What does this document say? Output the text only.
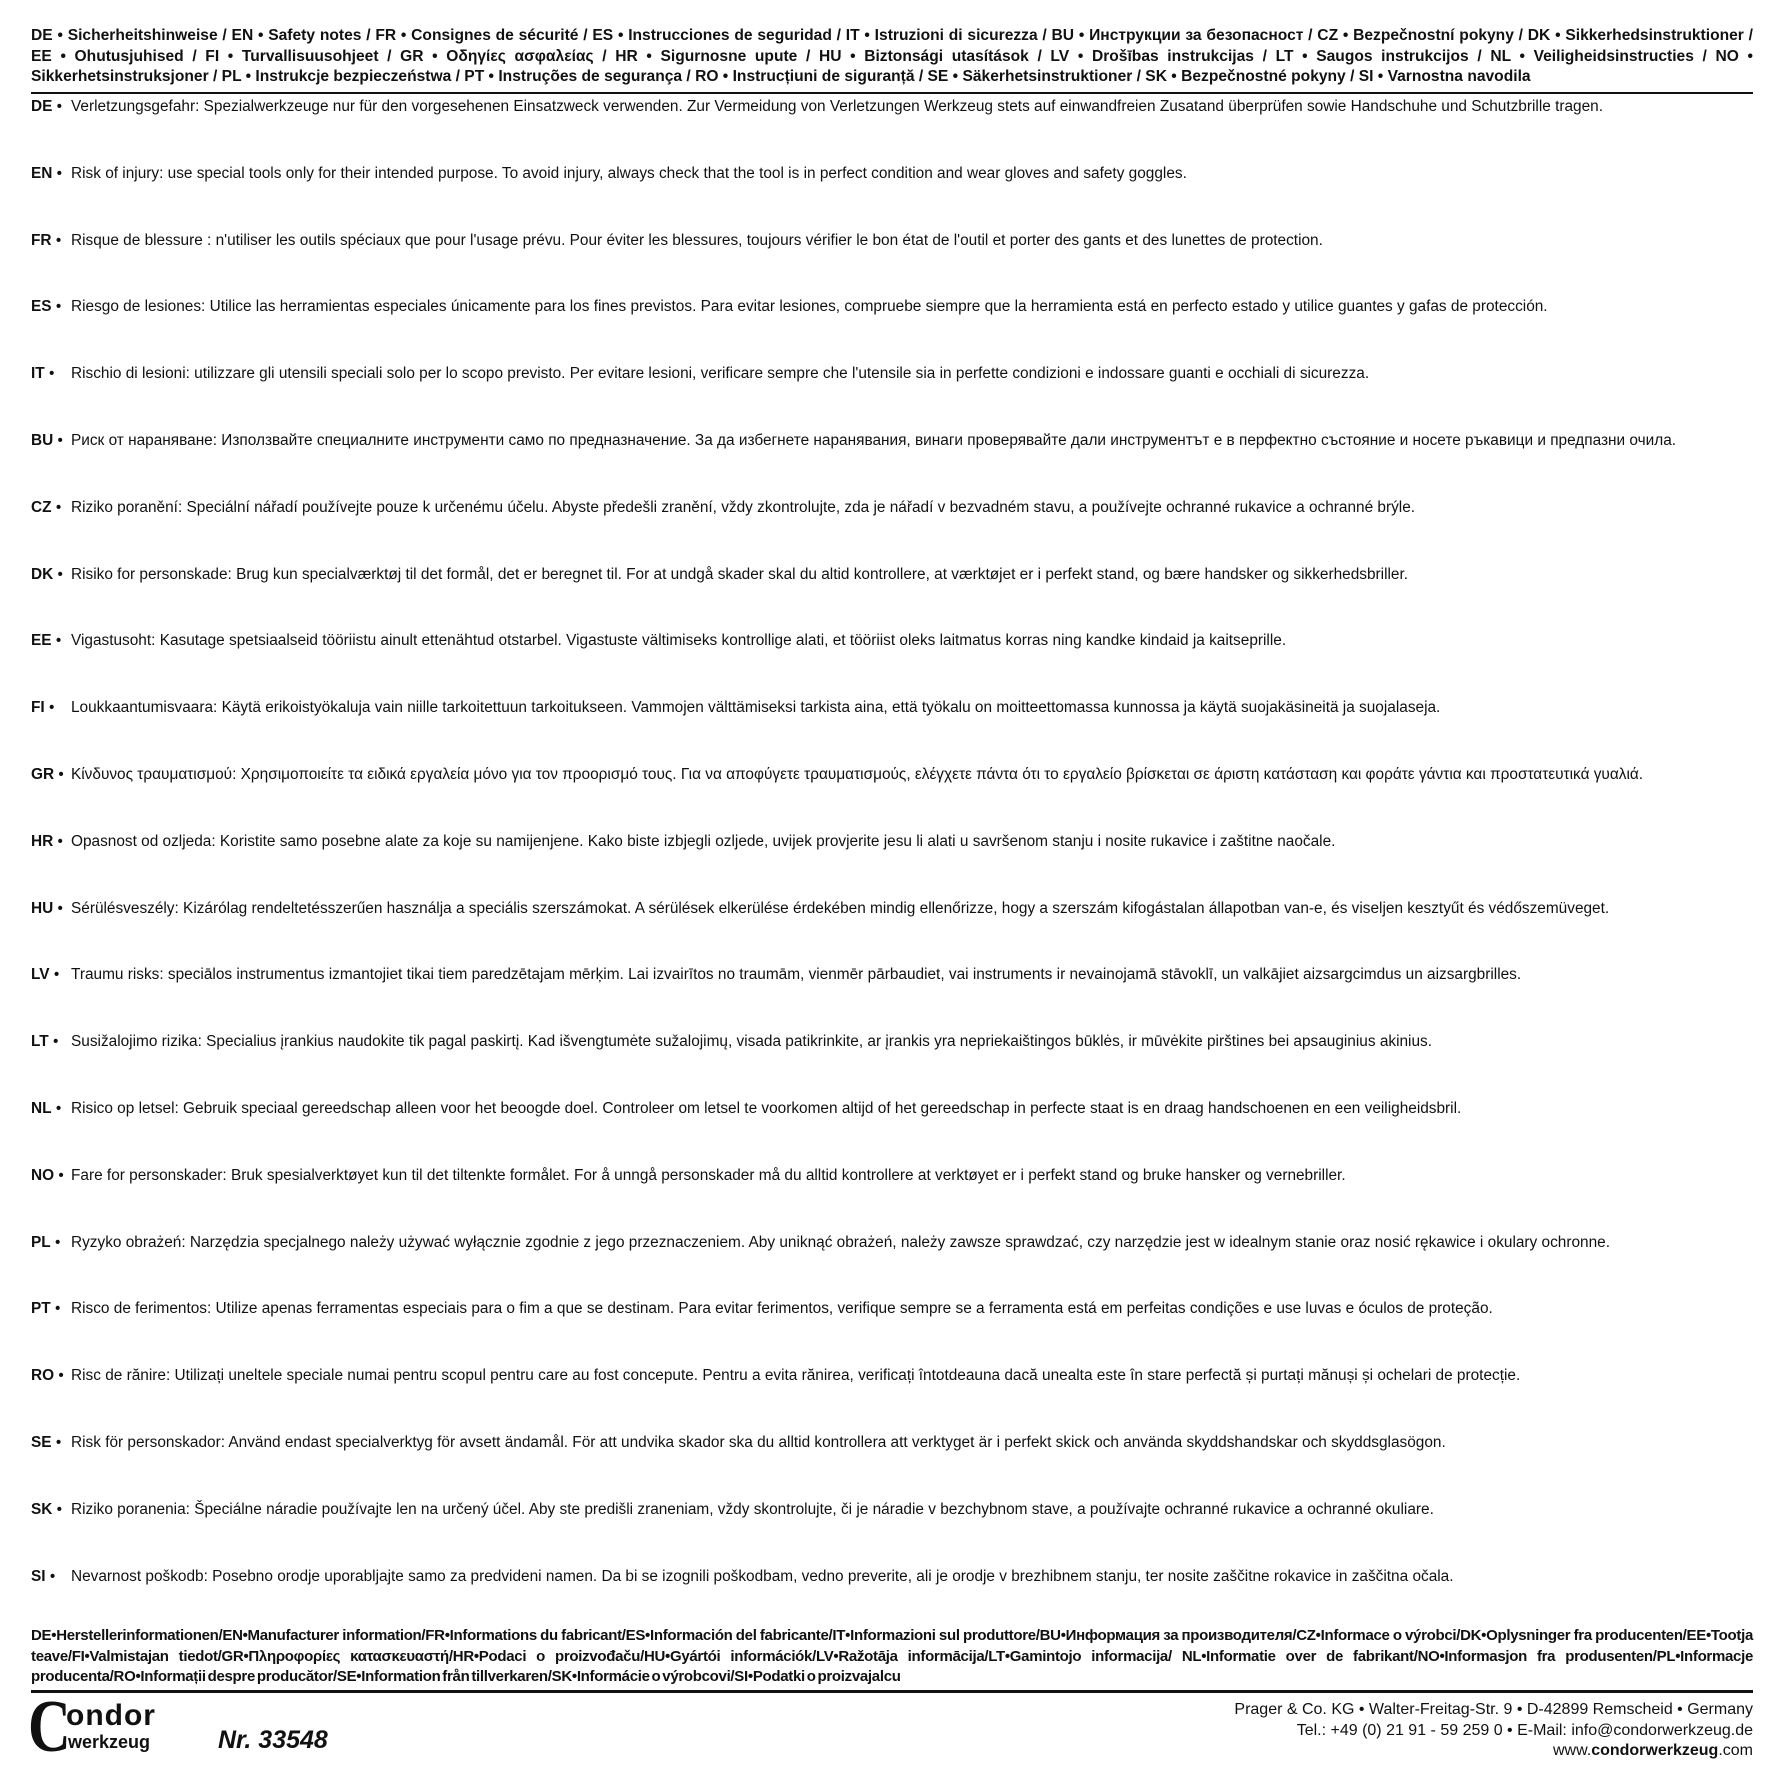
DE • Sicherheitshinweise / EN • Safety notes / FR • Consignes de sécurité / ES • Instrucciones de seguridad / IT • Istruzioni di sicurezza / BU • Инструкции за безопасност / CZ • Bezpečnostní pokyny / DK • Sikkerhedsinstruktioner / EE • Ohutusjuhised / FI • Turvallisuusohjeet / GR • Οδηγίες ασφαλείας / HR • Sigurnosne upute / HU • Biztonsági utasítások / LV • Drošības instrukcijas / LT • Saugos instrukcijos / NL • Veiligheidsinstructies / NO • Sikkerhetsinstruksjoner / PL • Instrukcje bezpieczeństwa / PT • Instruções de segurança / RO • Instrucțiuni de siguranță / SE • Säkerhetsinstruktioner / SK • Bezpečnostné pokyny / SI • Varnostna navodila
DE • Verletzungsgefahr: Spezialwerkzeuge nur für den vorgesehenen Einsatzweck verwenden. Zur Vermeidung von Verletzungen Werkzeug stets auf einwandfreien Zusatand überprüfen sowie Handschuhe und Schutzbrille tragen.
EN • Risk of injury: use special tools only for their intended purpose. To avoid injury, always check that the tool is in perfect condition and wear gloves and safety goggles.
FR • Risque de blessure : n'utiliser les outils spéciaux que pour l'usage prévu. Pour éviter les blessures, toujours vérifier le bon état de l'outil et porter des gants et des lunettes de protection.
ES • Riesgo de lesiones: Utilice las herramientas especiales únicamente para los fines previstos. Para evitar lesiones, compruebe siempre que la herramienta está en perfecto estado y utilice guantes y gafas de protección.
IT •	Rischio di lesioni: utilizzare gli utensili speciali solo per lo scopo previsto. Per evitare lesioni, verificare sempre che l'utensile sia in perfette condizioni e indossare guanti e occhiali di sicurezza.
BU • Риск от нараняване: Използвайте специалните инструменти само по предназначение. За да избегнете наранявания, винаги проверявайте дали инструментът е в перфектно състояние и носете ръкавици и предпазни очила.
CZ • Riziko poranění: Speciální nářadí používejte pouze k určenému účelu. Abyste předešli zranění, vždy zkontrolujte, zda je nářadí v bezvadném stavu, a používejte ochranné rukavice a ochranné brýle.
DK • Risiko for personskade: Brug kun specialværktøj til det formål, det er beregnet til. For at undgå skader skal du altid kontrollere, at værktøjet er i perfekt stand, og bære handsker og sikkerhedsbriller.
EE • Vigastusoht: Kasutage spetsiaalseid tööriistu ainult ettenähtud otstarbel. Vigastuste vältimiseks kontrollige alati, et tööriist oleks laitmatus korras ning kandke kindaid ja kaitseprille.
FI •	Loukkaantumisvaara: Käytä erikoistyökaluja vain niille tarkoitettuun tarkoitukseen. Vammojen välttämiseksi tarkista aina, että työkalu on moitteettomassa kunnossa ja käytä suojakäsineitä ja suojalaseja.
GR • Κίνδυνος τραυματισμού: Χρησιμοποιείτε τα ειδικά εργαλεία μόνο για τον προορισμό τους. Για να αποφύγετε τραυματισμούς, ελέγχετε πάντα ότι το εργαλείο βρίσκεται σε άριστη κατάσταση και φοράτε γάντια και προστατευτικά γυαλιά.
HR • Opasnost od ozljeda: Koristite samo posebne alate za koje su namijenjene. Kako biste izbjegli ozljede, uvijek provjerite jesu li alati u savršenom stanju i nosite rukavice i zaštitne naočale.
HU • Sérülésveszély: Kizárólag rendeltetésszerűen használja a speciális szerszámokat. A sérülések elkerülése érdekében mindig ellenőrizze, hogy a szerszám kifogástalan állapotban van-e, és viseljen kesztyűt és védőszemüveget.
LV • Traumu risks: speciālos instrumentus izmantojiet tikai tiem paredzētajam mērķim. Lai izvairītos no traumām, vienmēr pārbaudiet, vai instruments ir nevainojamā stāvoklī, un valkājiet aizsargcimdus un aizsargbrilles.
LT • Susižalojimo rizika: Specialius įrankius naudokite tik pagal paskirtį. Kad išvengtumėte sužalojimų, visada patikrinkite, ar įrankis yra nepriekaištingos būklės, ir mūvėkite pirštines bei apsauginius akinius.
NL • Risico op letsel: Gebruik speciaal gereedschap alleen voor het beoogde doel. Controleer om letsel te voorkomen altijd of het gereedschap in perfecte staat is en draag handschoenen en een veiligheidsbril.
NO • Fare for personskader: Bruk spesialverktøyet kun til det tiltenkte formålet. For å unngå personskader må du alltid kontrollere at verktøyet er i perfekt stand og bruke hansker og vernebriller.
PL • Ryzyko obrażeń: Narzędzia specjalnego należy używać wyłącznie zgodnie z jego przeznaczeniem. Aby uniknąć obrażeń, należy zawsze sprawdzać, czy narzędzie jest w idealnym stanie oraz nosić rękawice i okulary ochronne.
PT • Risco de ferimentos: Utilize apenas ferramentas especiais para o fim a que se destinam. Para evitar ferimentos, verifique sempre se a ferramenta está em perfeitas condições e use luvas e óculos de proteção.
RO • Risc de rănire: Utilizați uneltele speciale numai pentru scopul pentru care au fost concepute. Pentru a evita rănirea, verificați întotdeauna dacă unealta este în stare perfectă și purtați mănuși și ochelari de protecție.
SE • Risk för personskador: Använd endast specialverktyg för avsett ändamål. För att undvika skador ska du alltid kontrollera att verktyget är i perfekt skick och använda skyddshandskar och skyddsglasögon.
SK • Riziko poranenia: Špeciálne náradie používajte len na určený účel. Aby ste predišli zraneniam, vždy skontrolujte, či je náradie v bezchybnom stave, a používajte ochranné rukavice a ochranné okuliare.
SI •	Nevarnost poškodb: Posebno orodje uporabljajte samo za predvideni namen. Da bi se izognili poškodbam, vedno preverite, ali je orodje v brezhibnem stanju, ter nosite zaščitne rokavice in zaščitna očala.
DE•Herstellerinformationen/EN•Manufacturer information/FR•Informations du fabricant/ES•Información del fabricante/IT•Informazioni sul produttore/BU•Информация за производителя/CZ•Informace o výrobci/DK•Oplysninger fra producenten/EE•Tootja teave/FI•Valmistajan tiedot/GR•Πληροφορίες κατασκευαστή/HR•Podaci o proizvođaču/HU•Gyártói információk/LV•Ražotāja informācija/LT•Gamintojo informacija/ NL•Informatie over de fabrikant/NO•Informasjon fra produsenten/PL•Informacje producenta/RO•Informații despre producător/SE•Information från tillverkaren/SK•Informácie o výrobcovi/SI•Podatki o proizvajalcu
C
ondor
werkzeug	Nr. 33548
Prager & Co. KG • Walter-Freitag-Str. 9 • D-42899 Remscheid • Germany
Tel.: +49 (0) 21 91 - 59 259 0 • E-Mail: info@condorwerkzeug.de
www.condorwerkzeug.com
